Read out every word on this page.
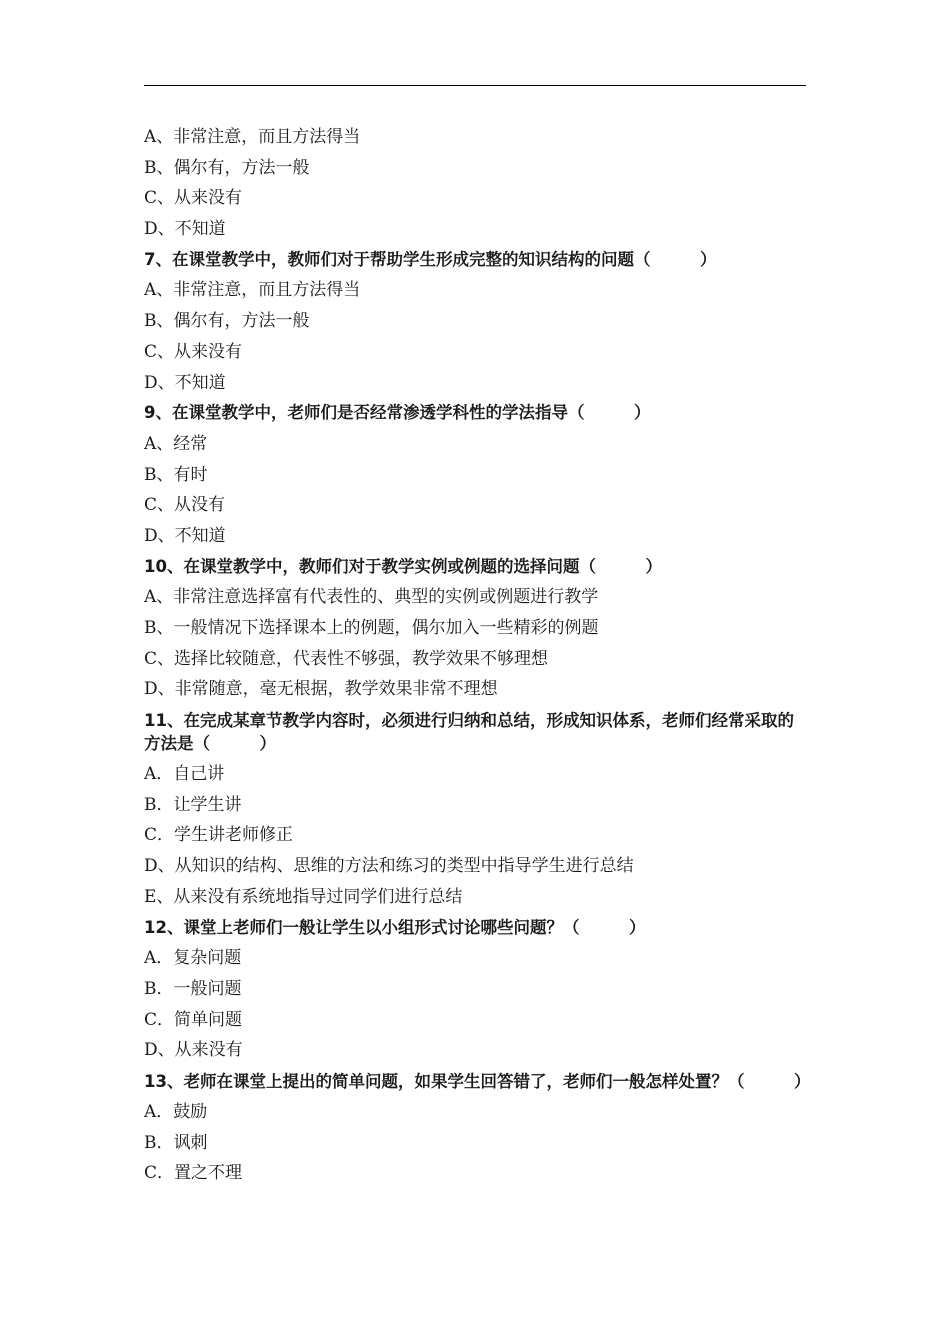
A、非常注意，而且方法得当
B、偶尔有，方法一般
C、从来没有
D、不知道
7、在课堂教学中，教师们对于帮助学生形成完整的知识结构的问题（　　　）
A、非常注意，而且方法得当
B、偶尔有，方法一般
C、从来没有
D、不知道
9、在课堂教学中，老师们是否经常渗透学科性的学法指导（　　　）
A、经常
B、有时
C、从没有
D、不知道
10、在课堂教学中，教师们对于教学实例或例题的选择问题（　　　）
A、非常注意选择富有代表性的、典型的实例或例题进行教学
B、一般情况下选择课本上的例题，偶尔加入一些精彩的例题
C、选择比较随意，代表性不够强，教学效果不够理想
D、非常随意，毫无根据，教学效果非常不理想
11、在完成某章节教学内容时，必须进行归纳和总结，形成知识体系，老师们经常采取的方法是（　　　）
A．自己讲
B．让学生讲
C．学生讲老师修正
D、从知识的结构、思维的方法和练习的类型中指导学生进行总结
E、从来没有系统地指导过同学们进行总结
12、课堂上老师们一般让学生以小组形式讨论哪些问题？（　　　）
A．复杂问题
B．一般问题
C．简单问题
D、从来没有
13、老师在课堂上提出的简单问题，如果学生回答错了，老师们一般怎样处置？（　　　）
A．鼓励
B．讽刺
C．置之不理
